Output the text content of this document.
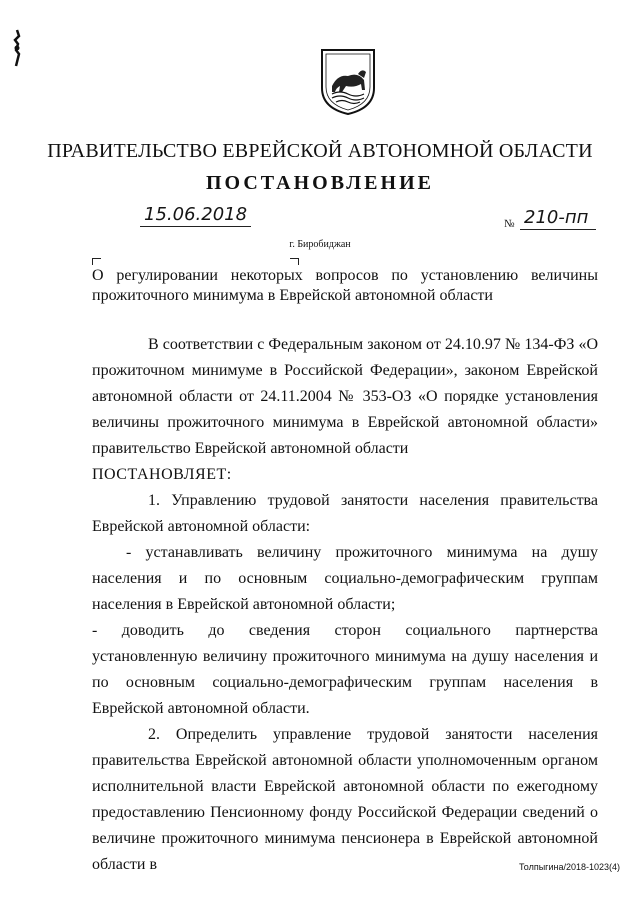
ПРАВИТЕЛЬСТВО ЕВРЕЙСКОЙ АВТОНОМНОЙ ОБЛАСТИ
ПОСТАНОВЛЕНИЕ
15.06.2018	№ 210-пп
г. Биробиджан
О регулировании некоторых вопросов по установлению величины прожиточного минимума в Еврейской автономной области

В соответствии с Федеральным законом от 24.10.97 № 134-ФЗ «О прожиточном минимуме в Российской Федерации», законом Еврейской автономной области от 24.11.2004 № 353-ОЗ «О порядке установления величины прожиточного минимума в Еврейской автономной области» правительство Еврейской автономной области

ПОСТАНОВЛЯЕТ:

1. Управлению трудовой занятости населения правительства Еврейской автономной области:

- устанавливать величину прожиточного минимума на душу населения и по основным социально-демографическим группам населения в Еврейской автономной области;

- доводить до сведения сторон социального партнерства

установленную величину прожиточного минимума на душу населения и по основным социально-демографическим группам населения в Еврейской автономной области.

2. Определить управление трудовой занятости населения правительства Еврейской автономной области уполномоченным органом исполнительной власти Еврейской автономной области по ежегодному предоставлению Пенсионному фонду Российской Федерации сведений о величине прожиточного минимума пенсионера в Еврейской автономной области в	Толпыгина/2018-1023(4)
